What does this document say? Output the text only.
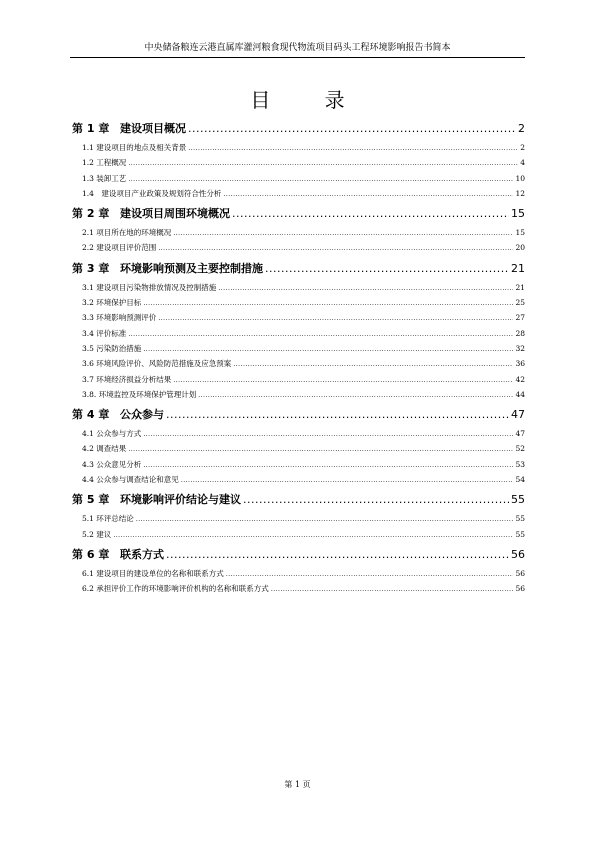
中央储备粮连云港直属库灌河粮食现代物流项目码头工程环境影响报告书简本
目 录
第 1 章 建设项目概况 .....	2
1.1 建设项目的地点及相关背景 .....	2
1.2 工程概况 .....	4
1.3 装卸工艺 .....	10
1.4　建设项目产业政策及规划符合性分析 .....	12
第 2 章 建设项目周围环境概况 .....	15
2.1 项目所在地的环境概况 .....	15
2.2 建设项目评价范围 .....	20
第 3 章 环境影响预测及主要控制措施 .....	21
3.1 建设项目污染物排放情况及控制措施 .....	21
3.2 环境保护目标 .....	25
3.3 环境影响预测评价 .....	27
3.4 评价标准 .....	28
3.5 污染防治措施 .....	32
3.6 环境风险评价、风险防范措施及应急预案 .....	36
3.7 环境经济损益分析结果 .....	42
3.8. 环境监控及环境保护管理计划 .....	44
第 4 章 公众参与 .....	47
4.1 公众参与方式 .....	47
4.2 调查结果 .....	52
4.3 公众意见分析 .....	53
4.4 公众参与调查结论和意见 .....	54
第 5 章 环境影响评价结论与建议 .....	55
5.1 环评总结论 .....	55
5.2 建议 .....	55
第 6 章 联系方式 .....	56
6.1 建设项目的建设单位的名称和联系方式 .....	56
6.2 承担评价工作的环境影响评价机构的名称和联系方式 .....	56
第 1 页
